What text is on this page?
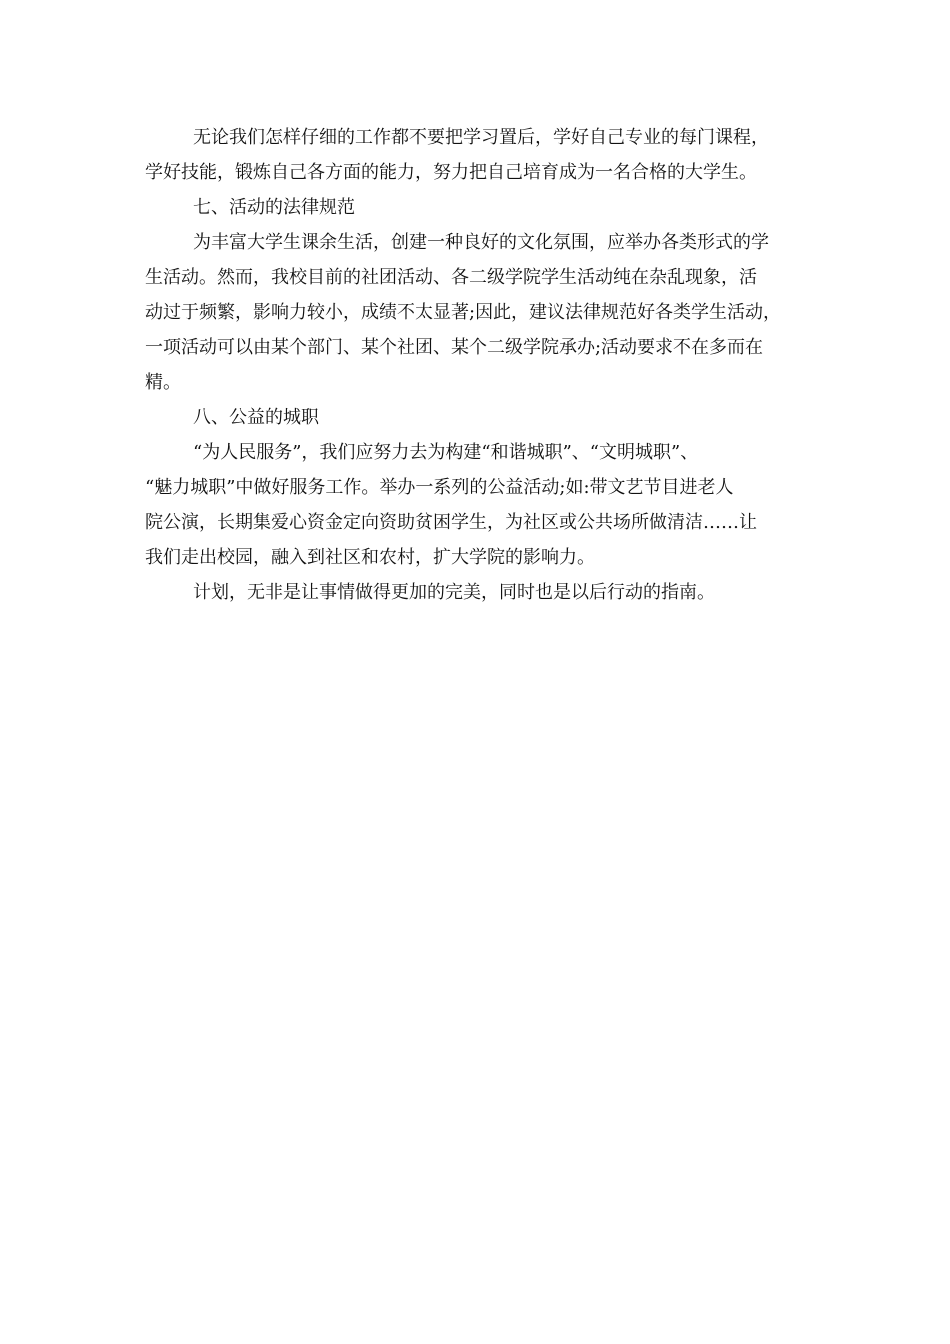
无论我们怎样仔细的工作都不要把学习置后，学好自己专业的每门课程，
学好技能，锻炼自己各方面的能力，努力把自己培育成为一名合格的大学生。
七、活动的法律规范
为丰富大学生课余生活，创建一种良好的文化氛围，应举办各类形式的学
生活动。然而，我校目前的社团活动、各二级学院学生活动纯在杂乱现象，活
动过于频繁，影响力较小，成绩不太显著;因此，建议法律规范好各类学生活动，
一项活动可以由某个部门、某个社团、某个二级学院承办;活动要求不在多而在
精。
八、公益的城职
“为人民服务”，我们应努力去为构建“和谐城职”、“文明城职”、
“魅力城职”中做好服务工作。举办一系列的公益活动;如:带文艺节目进老人
院公演，长期集爱心资金定向资助贫困学生，为社区或公共场所做清洁……让
我们走出校园，融入到社区和农村，扩大学院的影响力。
计划，无非是让事情做得更加的完美，同时也是以后行动的指南。
